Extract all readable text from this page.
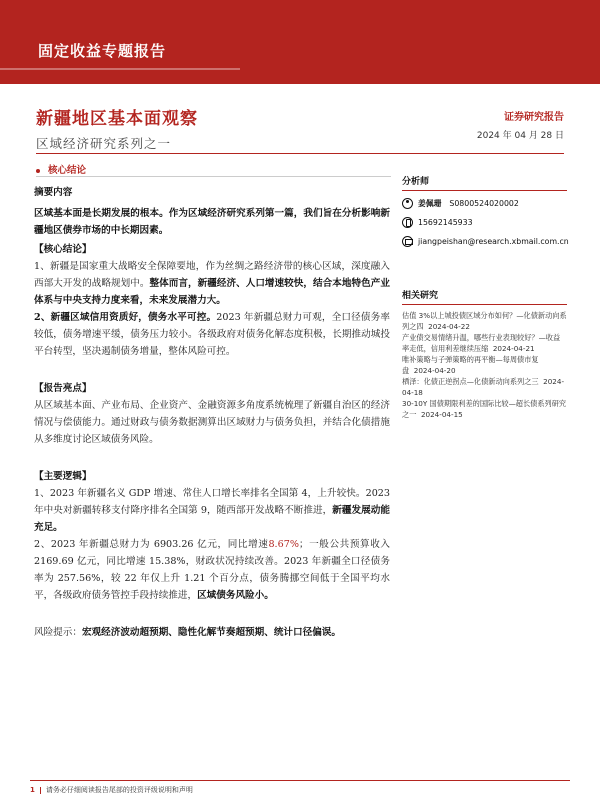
固定收益专题报告
新疆地区基本面观察
区域经济研究系列之一
证券研究报告
2024 年 04 月 28 日
核心结论
摘要内容

区域基本面是长期发展的根本。作为区域经济研究系列第一篇，我们旨在分析影响新疆地区债券市场的中长期因素。

【核心结论】

1、新疆是国家重大战略安全保障要地，作为丝绸之路经济带的核心区域，深度融入西部大开发的战略规划中。整体而言，新疆经济、人口增速较快，结合本地特色产业体系与中央支持力度来看，未来发展潜力大。

2、新疆区域信用资质好，债务水平可控。2023 年新疆总财力可观，全口径债务率较低，债务增速平缓，债务压力较小。各级政府对债务化解态度积极，长期推动城投平台转型，坚决遏制债务增量，整体风险可控。

【报告亮点】

从区域基本面、产业布局、企业资产、金融资源多角度系统梳理了新疆自治区的经济情况与偿债能力。通过财政与债务数据测算出区域财力与债务负担，并结合化债措施从多维度讨论区域债务风险。

【主要逻辑】

1、2023 年新疆名义 GDP 增速、常住人口增长率排名全国第 4，上升较快。2023 年中央对新疆转移支付降序排名全国第 9，随西部开发战略不断推进，新疆发展动能充足。

2、2023 年新疆总财力为 6903.26 亿元，同比增速8.67%；一般公共预算收入 2169.69 亿元，同比增速 15.38%，财政状况持续改善。2023 年新疆全口径债务率为 257.56%，较 22 年仅上升 1.21 个百分点，债务腾挪空间低于全国平均水平，各级政府债务管控手段持续推进，区域债务风险小。

风险提示：宏观经济波动超预期、隐性化解节奏超预期、统计口径偏误。
分析师
姜佩珊 S0800524020002
15692145933
jiangpeishan@research.xbmail.com.cn
相关研究
估值 3%以上城投债区域分布如何？—化债新动向系列之四 2024-04-22
产业债交易情绪升温，哪些行业表现较好？—收益率走低，信用利差继续压缩 2024-04-21
唯补策略与子弹策略的再平衡—每周债市复盘 2024-04-20
栖泽：化债正逆拐点—化债新动向系列之三 2024-04-18
30-10Y 国债期限利差的国际比较—超长债系列研究之一 2024-04-15
1 请务必仔细阅读报告尾部的投资评级说明和声明
